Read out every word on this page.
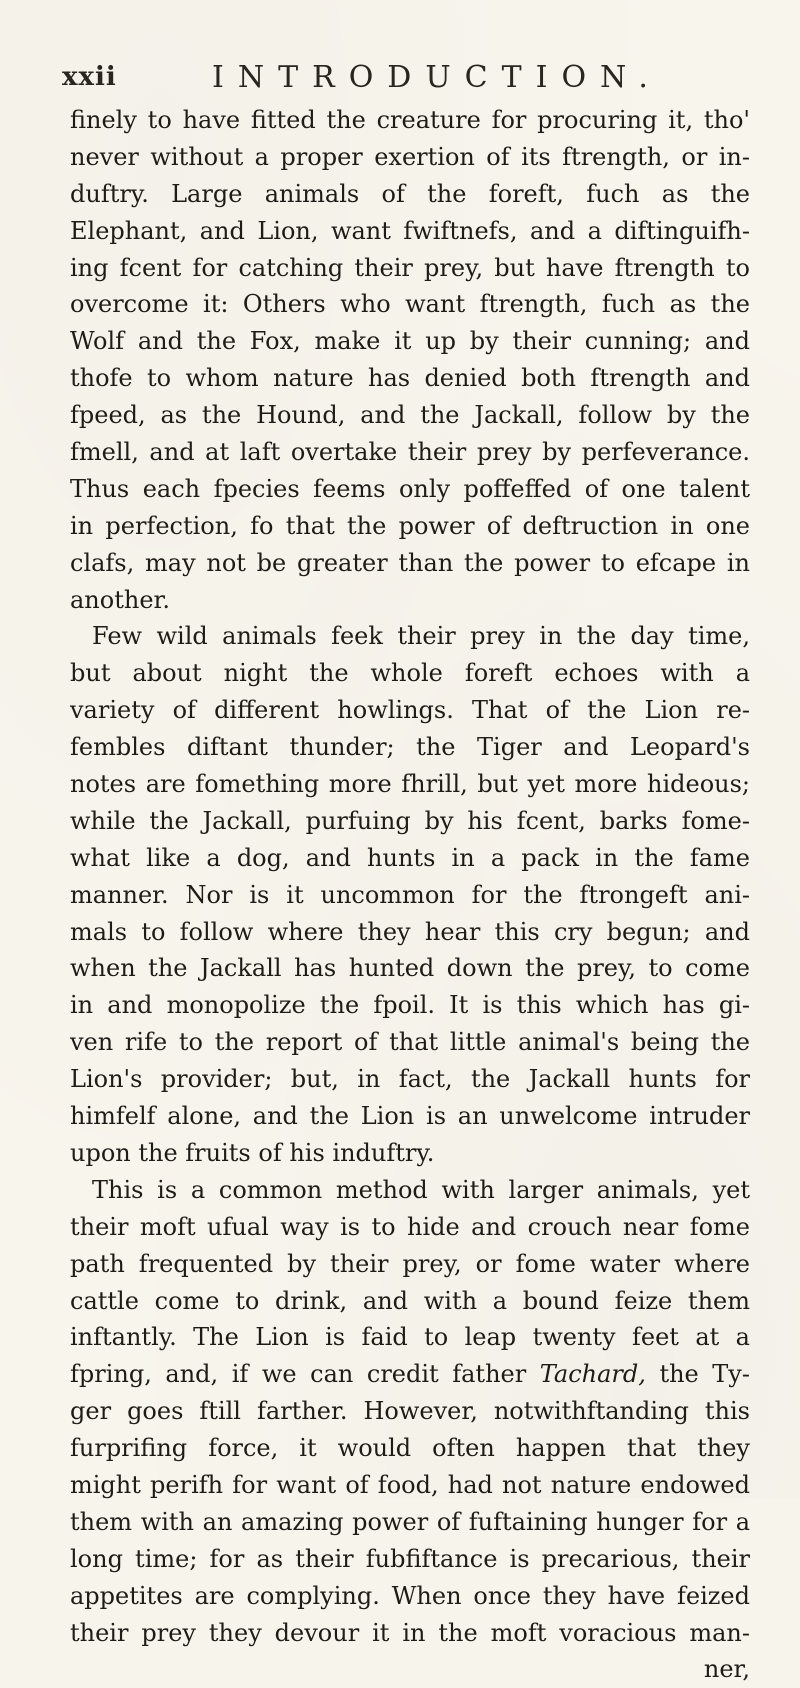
xxii	INTRODUCTION.
finely to have fitted the creature for procuring it, tho'
never without a proper exertion of its ftrength, or in-
duftry. Large animals of the foreft, fuch as the
Elephant, and Lion, want fwiftnefs, and a diftinguifh-
ing fcent for catching their prey, but have ftrength to
overcome it: Others who want ftrength, fuch as the
Wolf and the Fox, make it up by their cunning; and
thofe to whom nature has denied both ftrength and
fpeed, as the Hound, and the Jackall, follow by the
fmell, and at laft overtake their prey by perfeverance.
Thus each fpecies feems only poffeffed of one talent
in perfection, fo that the power of deftruction in one
clafs, may not be greater than the power to efcape in
another.
Few wild animals feek their prey in the day time,
but about night the whole foreft echoes with a
variety of different howlings. That of the Lion re-
fembles diftant thunder; the Tiger and Leopard's
notes are fomething more fhrill, but yet more hideous;
while the Jackall, purfuing by his fcent, barks fome-
what like a dog, and hunts in a pack in the fame
manner. Nor is it uncommon for the ftrongeft ani-
mals to follow where they hear this cry begun; and
when the Jackall has hunted down the prey, to come
in and monopolize the fpoil. It is this which has gi-
ven rife to the report of that little animal's being the
Lion's provider; but, in fact, the Jackall hunts for
himfelf alone, and the Lion is an unwelcome intruder
upon the fruits of his induftry.
This is a common method with larger animals, yet
their moft ufual way is to hide and crouch near fome
path frequented by their prey, or fome water where
cattle come to drink, and with a bound feize them
inftantly. The Lion is faid to leap twenty feet at a
fpring, and, if we can credit father Tachard, the Ty-
ger goes ftill farther. However, notwithftanding this
furprifing force, it would often happen that they
might perifh for want of food, had not nature endowed
them with an amazing power of fuftaining hunger for a
long time; for as their fubfiftance is precarious, their
appetites are complying. When once they have feized
their prey they devour it in the moft voracious man-
ner,
